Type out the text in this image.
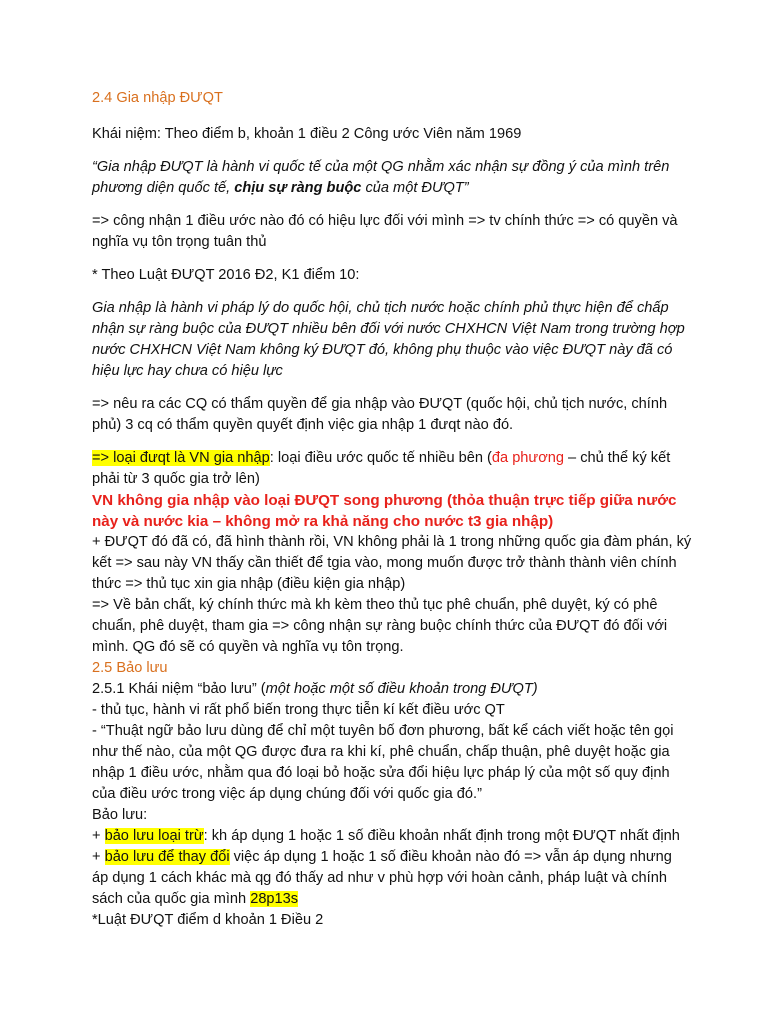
2.4 Gia nhập ĐƯQT

Khái niệm: Theo điểm b, khoản 1 điều 2 Công ước Viên năm 1969

“Gia nhập ĐƯQT là hành vi quốc tế của một QG nhằm xác nhận sự đồng ý của mình trên phương diện quốc tế, chịu sự ràng buộc của một ĐƯQT”

=> công nhận 1 điều ước nào đó có hiệu lực đối với mình => tv chính thức => có quyền và nghĩa vụ tôn trọng tuân thủ

* Theo Luật ĐƯQT 2016 Đ2, K1 điểm 10:

Gia nhập là hành vi pháp lý do quốc hội, chủ tịch nước hoặc chính phủ thực hiện để chấp nhận sự ràng buộc của ĐƯQT nhiều bên đối với nước CHXHCN Việt Nam trong trường hợp nước CHXHCN Việt Nam không ký ĐƯQT đó, không phụ thuộc vào việc ĐƯQT này đã có hiệu lực hay chưa có hiệu lực

=> nêu ra các CQ có thẩm quyền để gia nhập vào ĐƯQT (quốc hội, chủ tịch nước, chính phủ) 3 cq có thẩm quyền quyết định việc gia nhập 1 đưqt nào đó.

=> loại đưqt là VN gia nhập: loại điều ước quốc tế nhiều bên (đa phương – chủ thể ký kết phải từ 3 quốc gia trở lên)

VN không gia nhập vào loại ĐƯQT song phương (thỏa thuận trực tiếp giữa nước này và nước kia – không mở ra khả năng cho nước t3 gia nhập)

+ ĐƯQT đó đã có, đã hình thành rồi, VN không phải là 1 trong những quốc gia đàm phán, ký kết => sau này VN thấy cần thiết để tgia vào, mong muốn được trở thành thành viên chính thức => thủ tục xin gia nhập (điều kiện gia nhập)

=> Về bản chất, ký chính thức mà kh kèm theo thủ tục phê chuẩn, phê duyệt, ký có phê chuẩn, phê duyệt, tham gia => công nhận sự ràng buộc chính thức của ĐƯQT đó đối với mình. QG đó sẽ có quyền và nghĩa vụ tôn trọng.

2.5 Bảo lưu

2.5.1 Khái niệm “bảo lưu” (một hoặc một số điều khoản trong ĐƯQT)

- thủ tục, hành vi rất phổ biến trong thực tiễn kí kết điều ước QT

- “Thuật ngữ bảo lưu dùng để chỉ một tuyên bố đơn phương, bất kể cách viết hoặc tên gọi như thế nào, của một QG được đưa ra khi kí, phê chuẩn, chấp thuận, phê duyệt hoặc gia nhập 1 điều ước, nhằm qua đó loại bỏ hoặc sửa đổi hiệu lực pháp lý của một số quy định của điều ước trong việc áp dụng chúng đối với quốc gia đó.”

Bảo lưu:

+ bảo lưu loại trừ: kh áp dụng 1 hoặc 1 số điều khoản nhất định trong một ĐƯQT nhất định

+ bảo lưu để thay đổi việc áp dụng 1 hoặc 1 số điều khoản nào đó => vẫn áp dụng nhưng áp dụng 1 cách khác mà qg đó thấy ad như v phù hợp với hoàn cảnh, pháp luật và chính sách của quốc gia mình 28p13s

*Luật ĐƯQT điểm d khoản 1 Điều 2
